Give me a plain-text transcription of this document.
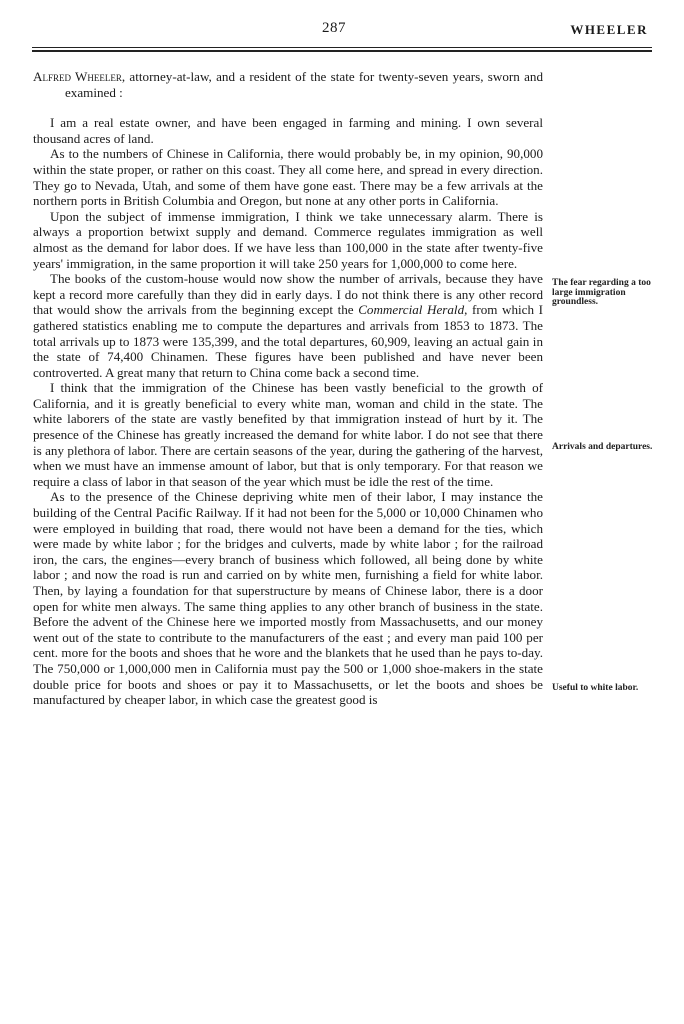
287	WHEELER

Alfred Wheeler, attorney-at-law, and a resident of the state for twenty-seven years, sworn and examined :

I am a real estate owner, and have been engaged in farming and mining. I own several thousand acres of land.

As to the numbers of Chinese in California, there would probably be, in my opinion, 90,000 within the state proper, or rather on this coast. They all come here, and spread in every direction. They go to Nevada, Utah, and some of them have gone east. There may be a few arrivals at the northern ports in British Columbia and Oregon, but none at any other ports in California.

Upon the subject of immense immigration, I think we take unnecessary alarm. There is always a proportion betwixt supply and demand. Commerce regulates immigration as well almost as the demand for labor does. If we have less than 100,000 in the state after twenty-five years' immigration, in the same proportion it will take 250 years for 1,000,000 to come here.

The books of the custom-house would now show the number of arrivals, because they have kept a record more carefully than they did in early days. I do not think there is any other record that would show the arrivals from the beginning except the Commercial Herald, from which I gathered statistics enabling me to compute the departures and arrivals from 1853 to 1873. The total arrivals up to 1873 were 135,399, and the total departures, 60,909, leaving an actual gain in the state of 74,400 Chinamen. These figures have been published and have never been controverted. A great many that return to China come back a second time.

I think that the immigration of the Chinese has been vastly beneficial to the growth of California, and it is greatly beneficial to every white man, woman and child in the state. The white laborers of the state are vastly benefited by that immigration instead of hurt by it. The presence of the Chinese has greatly increased the demand for white labor. I do not see that there is any plethora of labor. There are certain seasons of the year, during the gathering of the harvest, when we must have an immense amount of labor, but that is only temporary. For that reason we require a class of labor in that season of the year which must be idle the rest of the time.

As to the presence of the Chinese depriving white men of their labor, I may instance the building of the Central Pacific Railway. If it had not been for the 5,000 or 10,000 Chinamen who were employed in building that road, there would not have been a demand for the ties, which were made by white labor ; for the bridges and culverts, made by white labor ; for the railroad iron, the cars, the engines—every branch of business which followed, all being done by white labor ; and now the road is run and carried on by white men, furnishing a field for white labor. Then, by laying a foundation for that superstructure by means of Chinese labor, there is a door open for white men always. The same thing applies to any other branch of business in the state. Before the advent of the Chinese here we imported mostly from Massachusetts, and our money went out of the state to contribute to the manufacturers of the east ; and every man paid 100 per cent. more for the boots and shoes that he wore and the blankets that he used than he pays to-day. The 750,000 or 1,000,000 men in California must pay the 500 or 1,000 shoe-makers in the state double price for boots and shoes or pay it to Massachusetts, or let the boots and shoes be manufactured by cheaper labor, in which case the greatest good is

The fear regarding a too large immigration groundless.
Arrivals and departures.
Useful to white labor.
